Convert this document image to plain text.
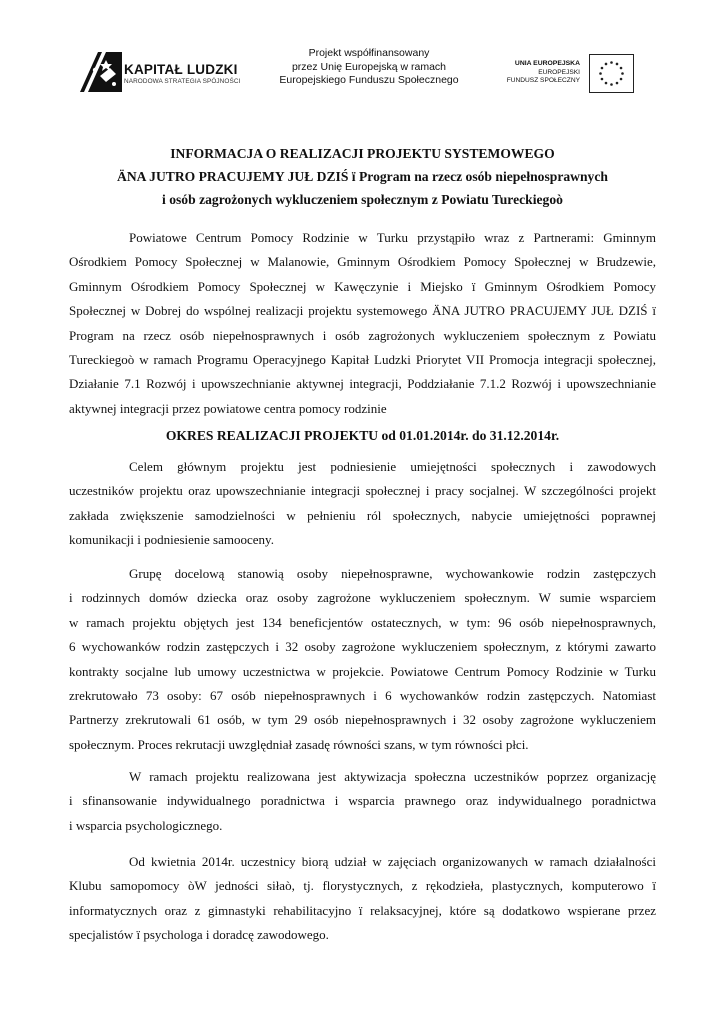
KAPITAŁ LUDZKI
NARODOWA STRATEGIA SPÓJNOŚCI
Projekt współfinansowany
przez Unię Europejską w ramach
Europejskiego Funduszu Społecznego
UNIA EUROPEJSKA
EUROPEJSKI
FUNDUSZ SPOŁECZNY
INFORMACJA O REALIZACJI PROJEKTU SYSTEMOWEGO
ÄNA JUTRO PRACUJEMY JUŁ DZIŚ ï Program na rzecz osób niepełnosprawnych
i osób zagrożonych wykluczeniem społecznym z Powiatu Tureckiegoò

Powiatowe Centrum Pomocy Rodzinie w Turku przystąpiło wraz z Partnerami: Gminnym
Ośrodkiem Pomocy Społecznej w Malanowie, Gminnym Ośrodkiem Pomocy Społecznej w Brudzewie,
Gminnym Ośrodkiem Pomocy Społecznej w Kawęczynie i Miejsko ï Gminnym Ośrodkiem Pomocy
Społecznej w Dobrej do wspólnej realizacji projektu systemowego ÄNA JUTRO PRACUJEMY JUŁ DZIŚ ï
Program na rzecz osób niepełnosprawnych i osób zagrożonych wykluczeniem społecznym z Powiatu
Tureckiegoò w ramach Programu Operacyjnego Kapitał Ludzki Priorytet VII Promocja integracji społecznej,
Działanie 7.1 Rozwój i upowszechnianie aktywnej integracji, Poddziałanie 7.1.2 Rozwój i upowszechnianie
aktywnej integracji przez powiatowe centra pomocy rodzinie

OKRES REALIZACJI PROJEKTU od 01.01.2014r. do 31.12.2014r.

Celem głównym projektu jest podniesienie umiejętności społecznych i zawodowych
uczestników projektu oraz upowszechnianie integracji społecznej i pracy socjalnej. W szczególności projekt
zakłada zwiększenie samodzielności w pełnieniu ról społecznych, nabycie umiejętności poprawnej
komunikacji i podniesienie samooceny.

Grupę docelową stanowią osoby niepełnosprawne, wychowankowie rodzin zastępczych
i rodzinnych domów dziecka oraz osoby zagrożone wykluczeniem społecznym. W sumie wsparciem
w ramach projektu objętych jest 134 beneficjentów ostatecznych, w tym: 96 osób niepełnosprawnych,
6 wychowanków rodzin zastępczych i 32 osoby zagrożone wykluczeniem społecznym, z którymi zawarto
kontrakty socjalne lub umowy uczestnictwa w projekcie. Powiatowe Centrum Pomocy Rodzinie w Turku
zrekrutowało 73 osoby: 67 osób niepełnosprawnych i 6 wychowanków rodzin zastępczych. Natomiast
Partnerzy zrekrutowali 61 osób, w tym 29 osób niepełnosprawnych i 32 osoby zagrożone wykluczeniem
społecznym. Proces rekrutacji uwzględniał zasadę równości szans, w tym równości płci.

W ramach projektu realizowana jest aktywizacja społeczna uczestników poprzez organizację
i sfinansowanie indywidualnego poradnictwa i wsparcia prawnego oraz indywidualnego poradnictwa
i wsparcia psychologicznego.

Od kwietnia 2014r. uczestnicy biorą udział w zajęciach organizowanych w ramach działalności
Klubu samopomocy òW jedności siłaò, tj. florystycznych, z rękodzieła, plastycznych, komputerowo ï
informatycznych oraz z gimnastyki rehabilitacyjno ï relaksacyjnej, które są dodatkowo wspierane przez
specjalistów ï psychologa i doradcę zawodowego.
